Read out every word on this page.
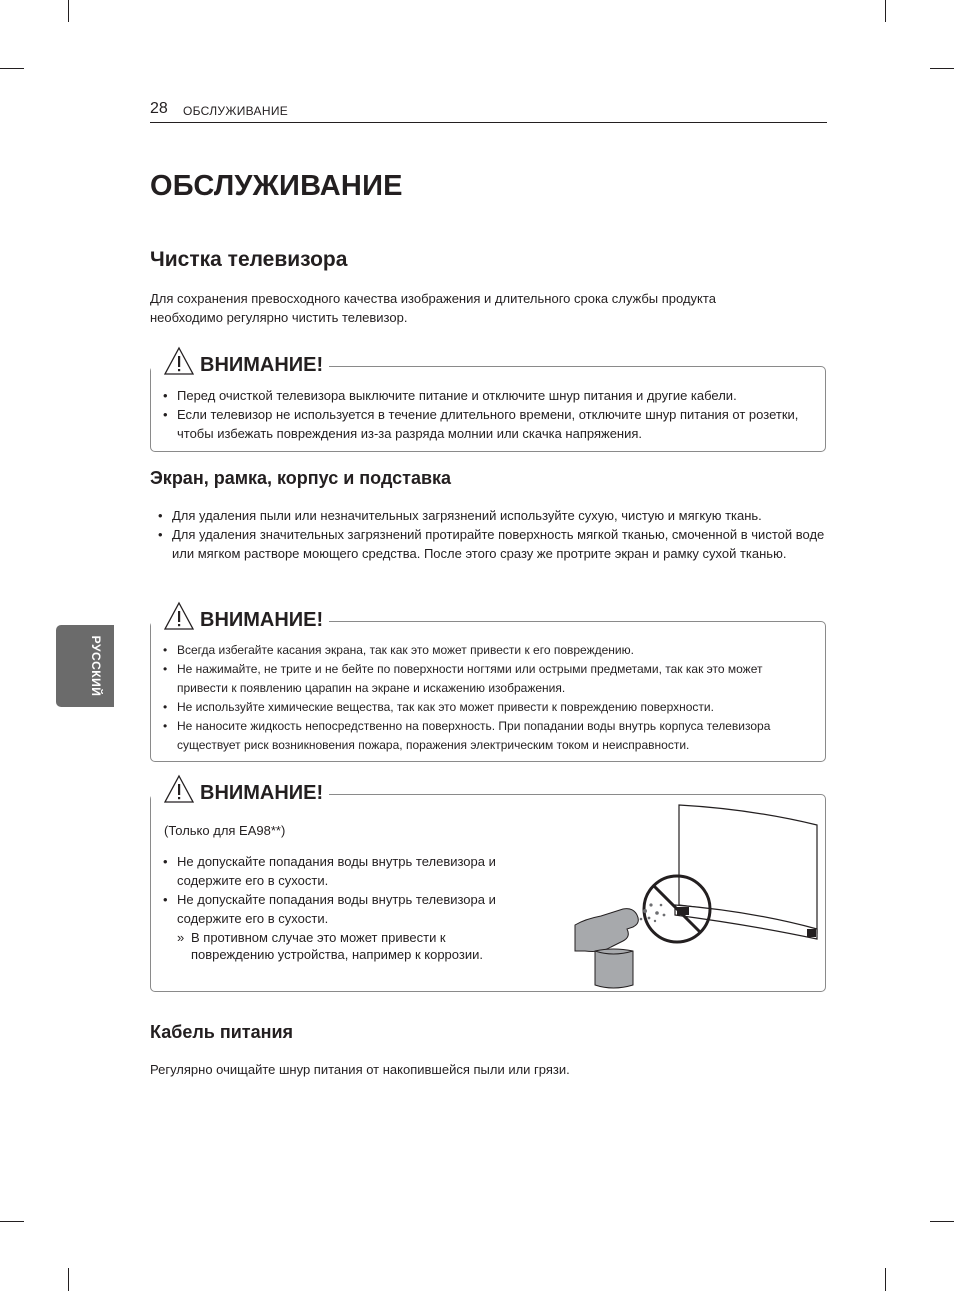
28 ОБСЛУЖИВАНИЕ
РУССКИЙ
ОБСЛУЖИВАНИЕ
Чистка телевизора
Для сохранения превосходного качества изображения и длительного срока службы продукта
необходимо регулярно чистить телевизор.
ВНИМАНИЕ!
• Перед очисткой телевизора выключите питание и отключите шнур питания и другие кабели.
• Если телевизор не используется в течение длительного времени, отключите шнур питания от розетки, чтобы избежать повреждения из-за разряда молнии или скачка напряжения.
Экран, рамка, корпус и подставка
• Для удаления пыли или незначительных загрязнений используйте сухую, чистую и мягкую ткань.
• Для удаления значительных загрязнений протирайте поверхность мягкой тканью, смоченной в чистой воде или мягком растворе моющего средства. После этого сразу же протрите экран и рамку сухой тканью.
ВНИМАНИЕ!
• Всегда избегайте касания экрана, так как это может привести к его повреждению.
• Не нажимайте, не трите и не бейте по поверхности ногтями или острыми предметами, так как это может привести к появлению царапин на экране и искажению изображения.
• Не используйте химические вещества, так как это может привести к повреждению поверхности.
• Не наносите жидкость непосредственно на поверхность. При попадании воды внутрь корпуса телевизора существует риск возникновения пожара, поражения электрическим током и неисправности.
ВНИМАНИЕ!
(Только для EA98**)
• Не допускайте попадания воды внутрь телевизора и содержите его в сухости.
• Не допускайте попадания воды внутрь телевизора и содержите его в сухости.
» В противном случае это может привести к повреждению устройства, например к коррозии.
Кабель питания
Регулярно очищайте шнур питания от накопившейся пыли или грязи.
